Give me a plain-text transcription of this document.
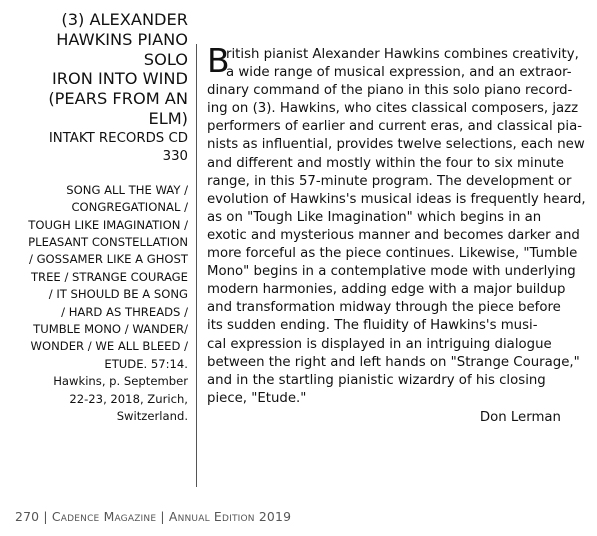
(3) ALEXANDER
HAWKINS PIANO
SOLO
IRON INTO WIND
(PEARS FROM AN
ELM)
INTAKT RECORDS CD
330
SONG ALL THE WAY /
CONGREGATIONAL /
TOUGH LIKE IMAGINATION /
PLEASANT CONSTELLATION
/ GOSSAMER LIKE A GHOST
TREE / STRANGE COURAGE
/ IT SHOULD BE A SONG
/ HARD AS THREADS /
TUMBLE MONO / WANDER/
WONDER / WE ALL BLEED /
ETUDE. 57:14.
Hawkins, p. September
22-23, 2018, Zurich,
Switzerland.
B
ritish pianist Alexander Hawkins combines creativity,
a wide range of musical expression, and an extraor-
dinary command of the piano in this solo piano record-
ing on (3). Hawkins, who cites classical composers, jazz
performers of earlier and current eras, and classical pia-
nists as influential, provides twelve selections, each new
and different and mostly within the four to six minute
range, in this 57-minute program. The development or
evolution of Hawkins's musical ideas is frequently heard,
as on "Tough Like Imagination" which begins in an
exotic and mysterious manner and becomes darker and
more forceful as the piece continues. Likewise, "Tumble
Mono" begins in a contemplative mode with underlying
modern harmonies, adding edge with a major buildup
and transformation midway through the piece before
its sudden ending. The fluidity of Hawkins's musi-
cal expression is displayed in an intriguing dialogue
between the right and left hands on "Strange Courage,"
and in the startling pianistic wizardry of his closing
piece, "Etude."
Don Lerman
270 | Cadence Magazine | Annual Edition 2019
